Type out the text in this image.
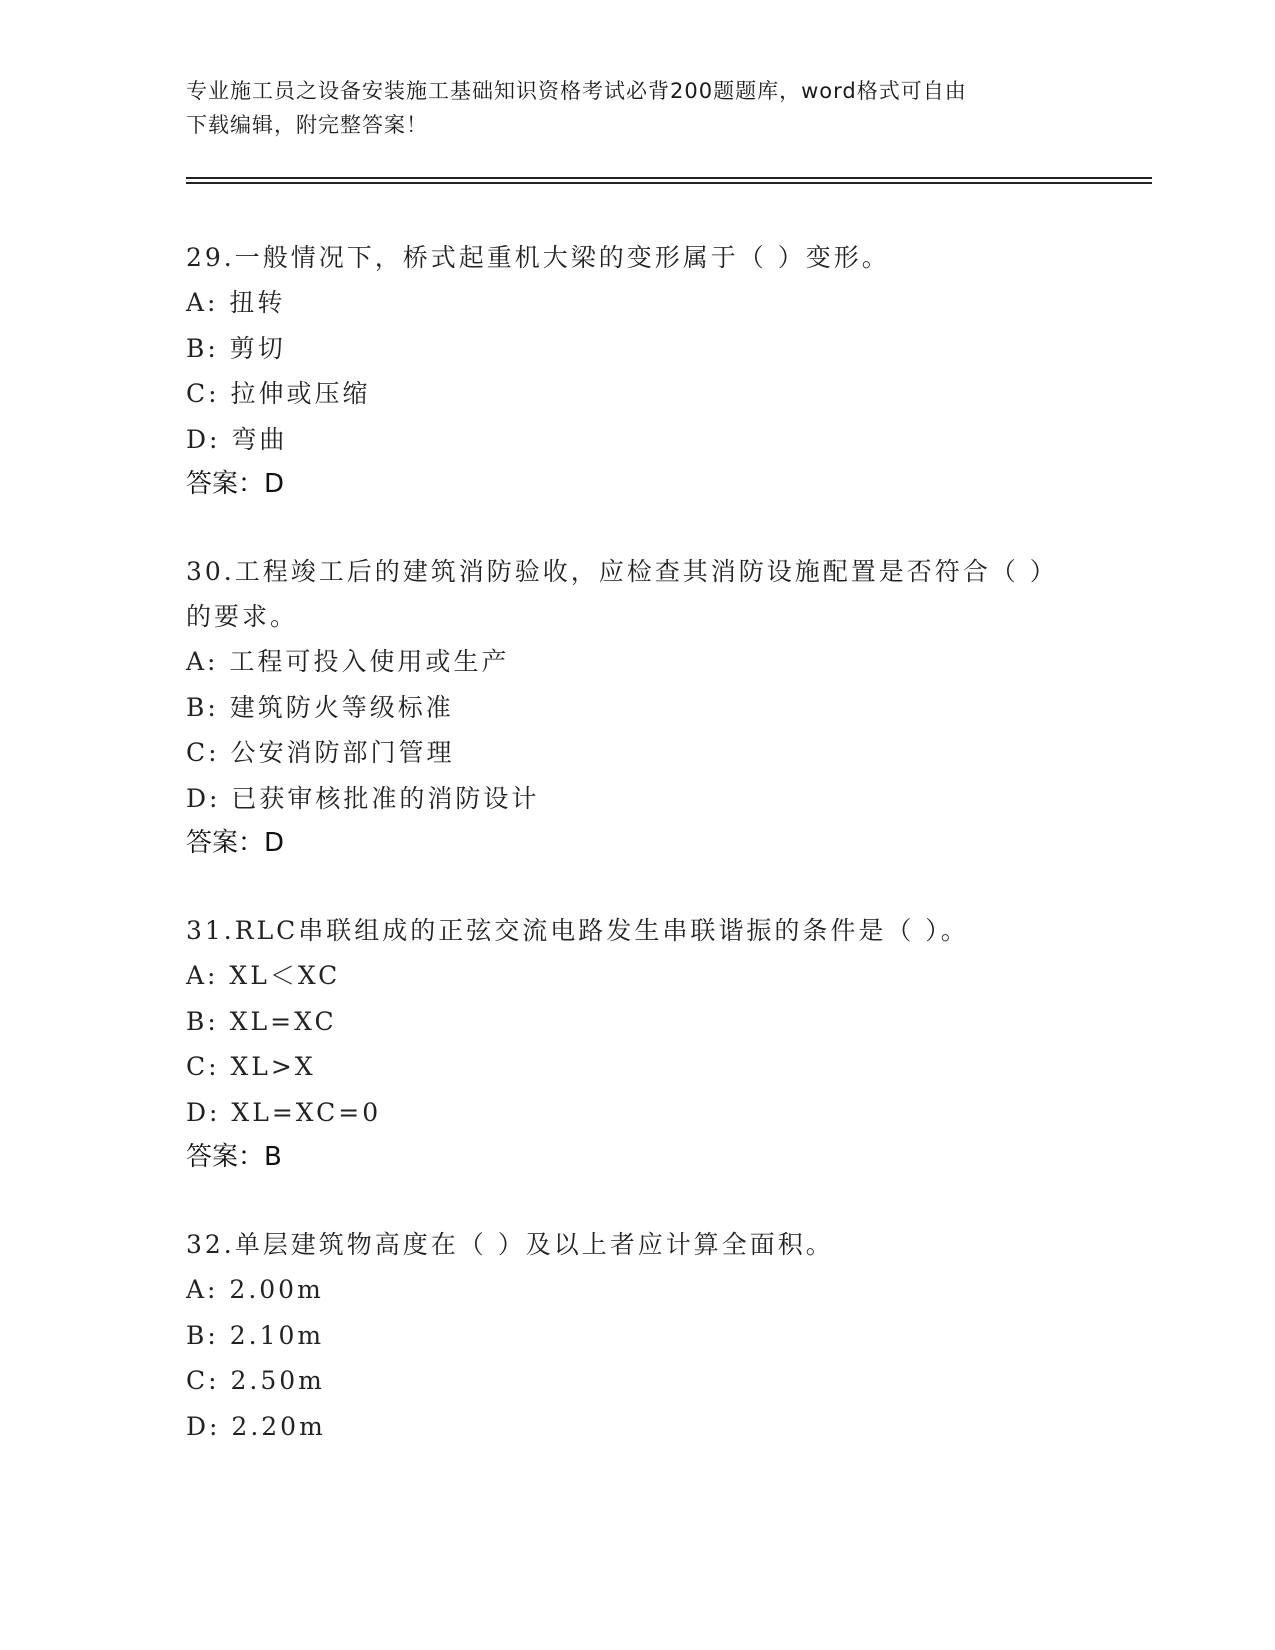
专业施工员之设备安装施工基础知识资格考试必背200题题库，word格式可自由
下载编辑，附完整答案！

29.一般情况下，桥式起重机大梁的变形属于（ ）变形。

A: 扭转

B: 剪切

C: 拉伸或压缩

D: 弯曲

答案：D

30.工程竣工后的建筑消防验收，应检查其消防设施配置是否符合（ ）的要求。

A: 工程可投入使用或生产

B: 建筑防火等级标准

C: 公安消防部门管理

D: 已获审核批准的消防设计

答案：D

31.RLC串联组成的正弦交流电路发生串联谐振的条件是（ ）。

A: XL＜XC

B: XL=XC

C: XL>X

D: XL=XC=0

答案：B

32.单层建筑物高度在（ ）及以上者应计算全面积。

A: 2.00m

B: 2.10m

C: 2.50m

D: 2.20m
